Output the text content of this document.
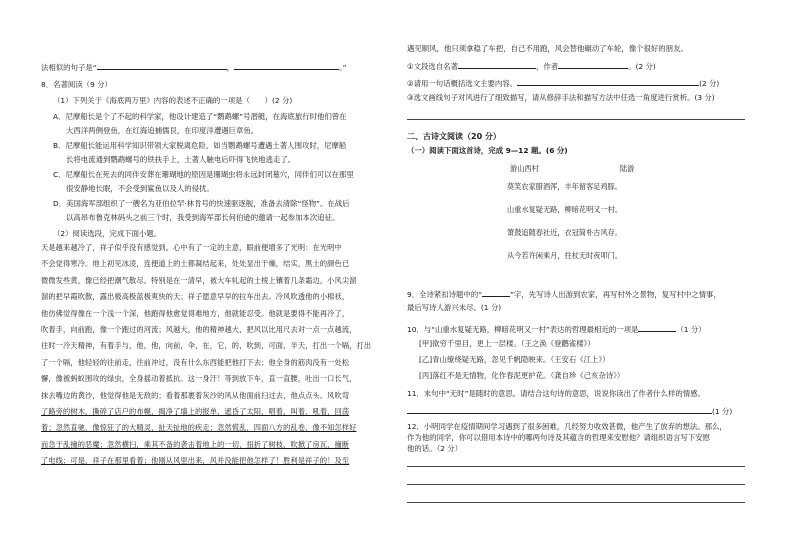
法相似的句子是“	，	。”
8．名著阅读（9 分）
（1）下列关于《海底两万里》内容的表述不正确的一项是（　　）(2 分)
A．尼摩船长是个了不起的科学家，他设计建造了“鹦鹉螺”号潜艇，在海底旅行时他们曾在
大西洋两侧登鱼，在红海追捕儒艮，在印度洋遭遇巨章鱼。
B．尼摩船长能运用科学知识带领大家脱离危险，如当鹦鹉螺号遭遇土著人围攻时，尼摩船
长将电流通到鹦鹉螺号的铁扶手上，土著人触电后吓得飞快地逃走了。
C．尼摩船长在死去的同伴安葬在珊瑚地的原因是珊瑚虫将永远封闭墓穴，同伴们可以在那里
很安静地长眠，不会受到鲨鱼以及人的侵扰。
D．美国海军部组织了一艘名为亚伯拉罕·林肯号的快速驱逐舰，准备去清除“怪物”。在战后
以高昂布鲁克林码头之前三个时，我受到海军部长何伯逊的邀请一起参加本次追征。
（2）阅读选段，完成下面小题。
天是越来越冷了，祥子似乎没有感觉到。心中有了一定的主意，眼前便增多了光明：在光明中
不会觉得寒冷。地上初见冰凌，连便道上的土都凝结起来，处处显出干燥，结实，黑土的颜色已
微微发些黄，像已经把潮气散尽。特别是在一清早，被大车轧起的土棱上镶着几条霜边，小风尖溜
溜的把早霞吹散，露出极高极蓝极爽快的天；祥子愿意早早的拉车出去。冷风吹透他的小棉袄，
他仿佛觉得像在一个浅一个深，他跑得他愈觉得难地方，他就能忍受。他就是要得不能再冷了，
吹着手，向前跑，像一个跑过的河流；风越大，他的精神越大，把风以比用尺去对一点一点越流，
往时一冷天精神，有着手与，他，他，向前，伞，在，它，的，吹到，可面，半天，打出一个嗝，打出
了一个嗝，他轻轻的往前走，往前冲过，没有什么东西能把他打下去；他全身的筋肉没有一处松
懈，像被蚂蚁围攻的绿虫，全身摇动着抵抗。这一身汗！等到放下车，直一直腰，吐出一口长气，
抹去嘴边的黄沙，他觉得他是无敌的；看着那裹着灰沙的风从他面前扫过去，他点点头。风吹弯
了路旁的树木，撕碎了店户的布幌，揭净了墙上的报单，遮昏了太阳，唱着，叫着，吼着，回荡
着；忽然直驰，像惊狂了的大精灵，扯天扯地的疾走；忽然慌乱，四面八方的乱卷，像不知怎样好
而急于乱撞的恶魔；忽然横扫，乘其不备的袭击着地上的一切，扭折了树枝，吹掀了房瓦，撞断
了电线；可是，祥子在那里看着；他刚从风里出来，风并没能把他怎样了！胜利是祥子的！及至
遇见顺风，他只须拿稳了车把，自己不用跑，风会替他碾动了车轮，像个很好的朋友。
①文段选自名著	，作者	。(2 分)
②请用一句话概括选文主要内容。	(2 分)
③选文画线句子对风进行了细致描写，请从修辞手法和描写方法中任选一角度进行赏析。(3 分)
二、古诗文阅读（20 分）
（一）阅读下面这首诗，完成 9—12 题。(6 分)
游山西村	陆游
莫笑农家腊酒浑，丰年留客足鸡豚。
山重水复疑无路，柳暗花明又一村。
箫鼓追随春社近，衣冠简朴古风存。
从今若许闲乘月，拄杖无时夜叩门。
9．全诗紧扣诗题中的“	”字，先写诗人出游到农家，再写村外之景物，复写村中之情事，
最后写诗人游兴未尽。(1 分)
10．与“山重水复疑无路，柳暗花明又一村”表达的哲理最相近的一项是	（1 分）
[甲]欲穷千里目，更上一层楼。（王之涣《登鹳雀楼》）
[乙]青山缭绕疑无路，忽见千帆隐映来。（王安石《江上》）
[丙]落红不是无情物，化作春泥更护花。（龚自珍《己亥杂诗》）
11．末句中“无时”是随时的意思。请结合这句诗的意思，说说你读出了作者什么样的情感。
(1 分)
12．小明同学在疫情期间学习遇到了很多困难，几经努力收效甚微，他产生了放弃的想法。那么，
作为他的同学，你可以借用本诗中的哪两句诗及其蕴含的哲理来安慰他？请组织语言写下安慰
他的话。（2 分）
